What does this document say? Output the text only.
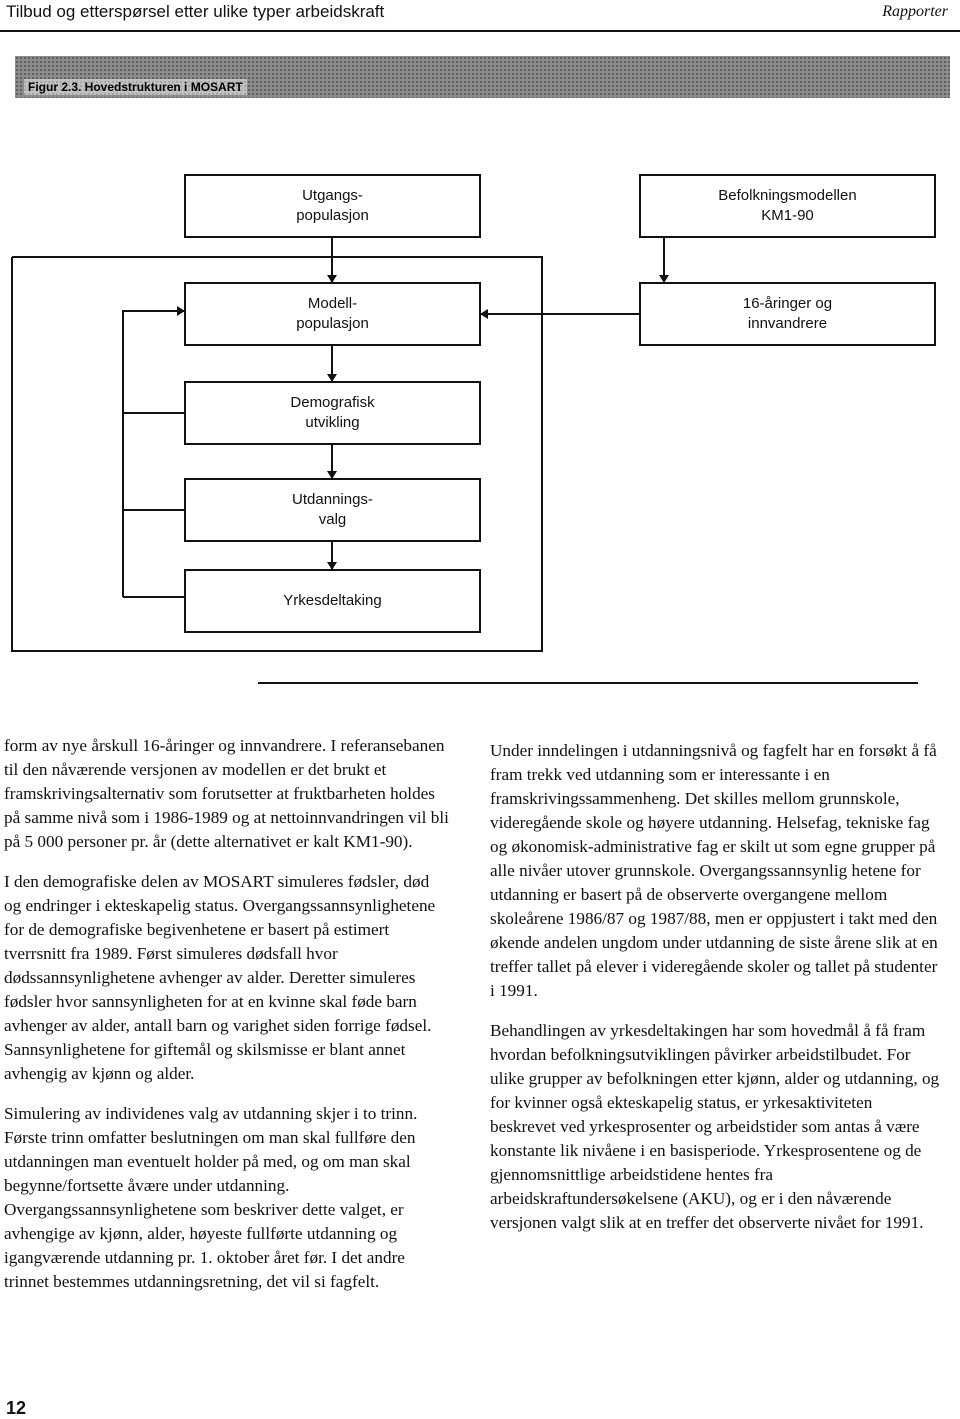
Tilbud og etterspørsel etter ulike typer arbeidskraft	Rapporter
Figur 2.3. Hovedstrukturen i MOSART
Utgangs-
populasjon
Befolkningsmodellen
KM1-90
Modell-
populasjon
16-åringer og
innvandrere
Demografisk
utvikling
Utdannings-
valg
Yrkesdeltaking

form av nye årskull 16-åringer og innvandrere. I referansebanen til den nåværende versjonen av modellen er det brukt et framskrivingsalternativ som forutsetter at fruktbarheten holdes på samme nivå som i 1986-1989 og at nettoinnvandringen vil bli på 5 000 personer pr. år (dette alternativet er kalt KM1-90).

I den demografiske delen av MOSART simuleres fødsler, død og endringer i ekteskapelig status. Overgangssannsynlighetene for de demografiske begivenhetene er basert på estimert tverrsnitt fra 1989. Først simuleres dødsfall hvor dødssannsynlighetene avhenger av alder. Deretter simuleres fødsler hvor sannsynligheten for at en kvinne skal føde barn avhenger av alder, antall barn og varighet siden forrige fødsel. Sannsynlighetene for giftemål og skilsmisse er blant annet avhengig av kjønn og alder.

Simulering av individenes valg av utdanning skjer i to trinn. Første trinn omfatter beslutningen om man skal fullføre den utdanningen man eventuelt holder på med, og om man skal begynne/fortsette åvære under utdanning. Overgangssannsynlighetene som beskriver dette valget, er avhengige av kjønn, alder, høyeste fullførte utdanning og igangværende utdanning pr. 1. oktober året før. I det andre trinnet bestemmes utdanningsretning, det vil si fagfelt.

Under inndelingen i utdanningsnivå og fagfelt har en forsøkt å få fram trekk ved utdanning som er interessante i en framskrivingssammenheng. Det skilles mellom grunnskole, videregående skole og høyere utdanning. Helsefag, tekniske fag og økonomisk-administrative fag er skilt ut som egne grupper på alle nivåer utover grunnskole. Overgangssannsynlig hetene for utdanning er basert på de observerte overgangene mellom skoleårene 1986/87 og 1987/88, men er oppjustert i takt med den økende andelen ungdom under utdanning de siste årene slik at en treffer tallet på elever i videregående skoler og tallet på studenter i 1991.

Behandlingen av yrkesdeltakingen har som hovedmål å få fram hvordan befolkningsutviklingen påvirker arbeidstilbudet. For ulike grupper av befolkningen etter kjønn, alder og utdanning, og for kvinner også ekteskapelig status, er yrkesaktiviteten beskrevet ved yrkesprosenter og arbeidstider som antas å være konstante lik nivåene i en basisperiode. Yrkesprosentene og de gjennomsnittlige arbeidstidene hentes fra arbeidskraftundersøkelsene (AKU), og er i den nåværende versjonen valgt slik at en treffer det observerte nivået for 1991.

12
